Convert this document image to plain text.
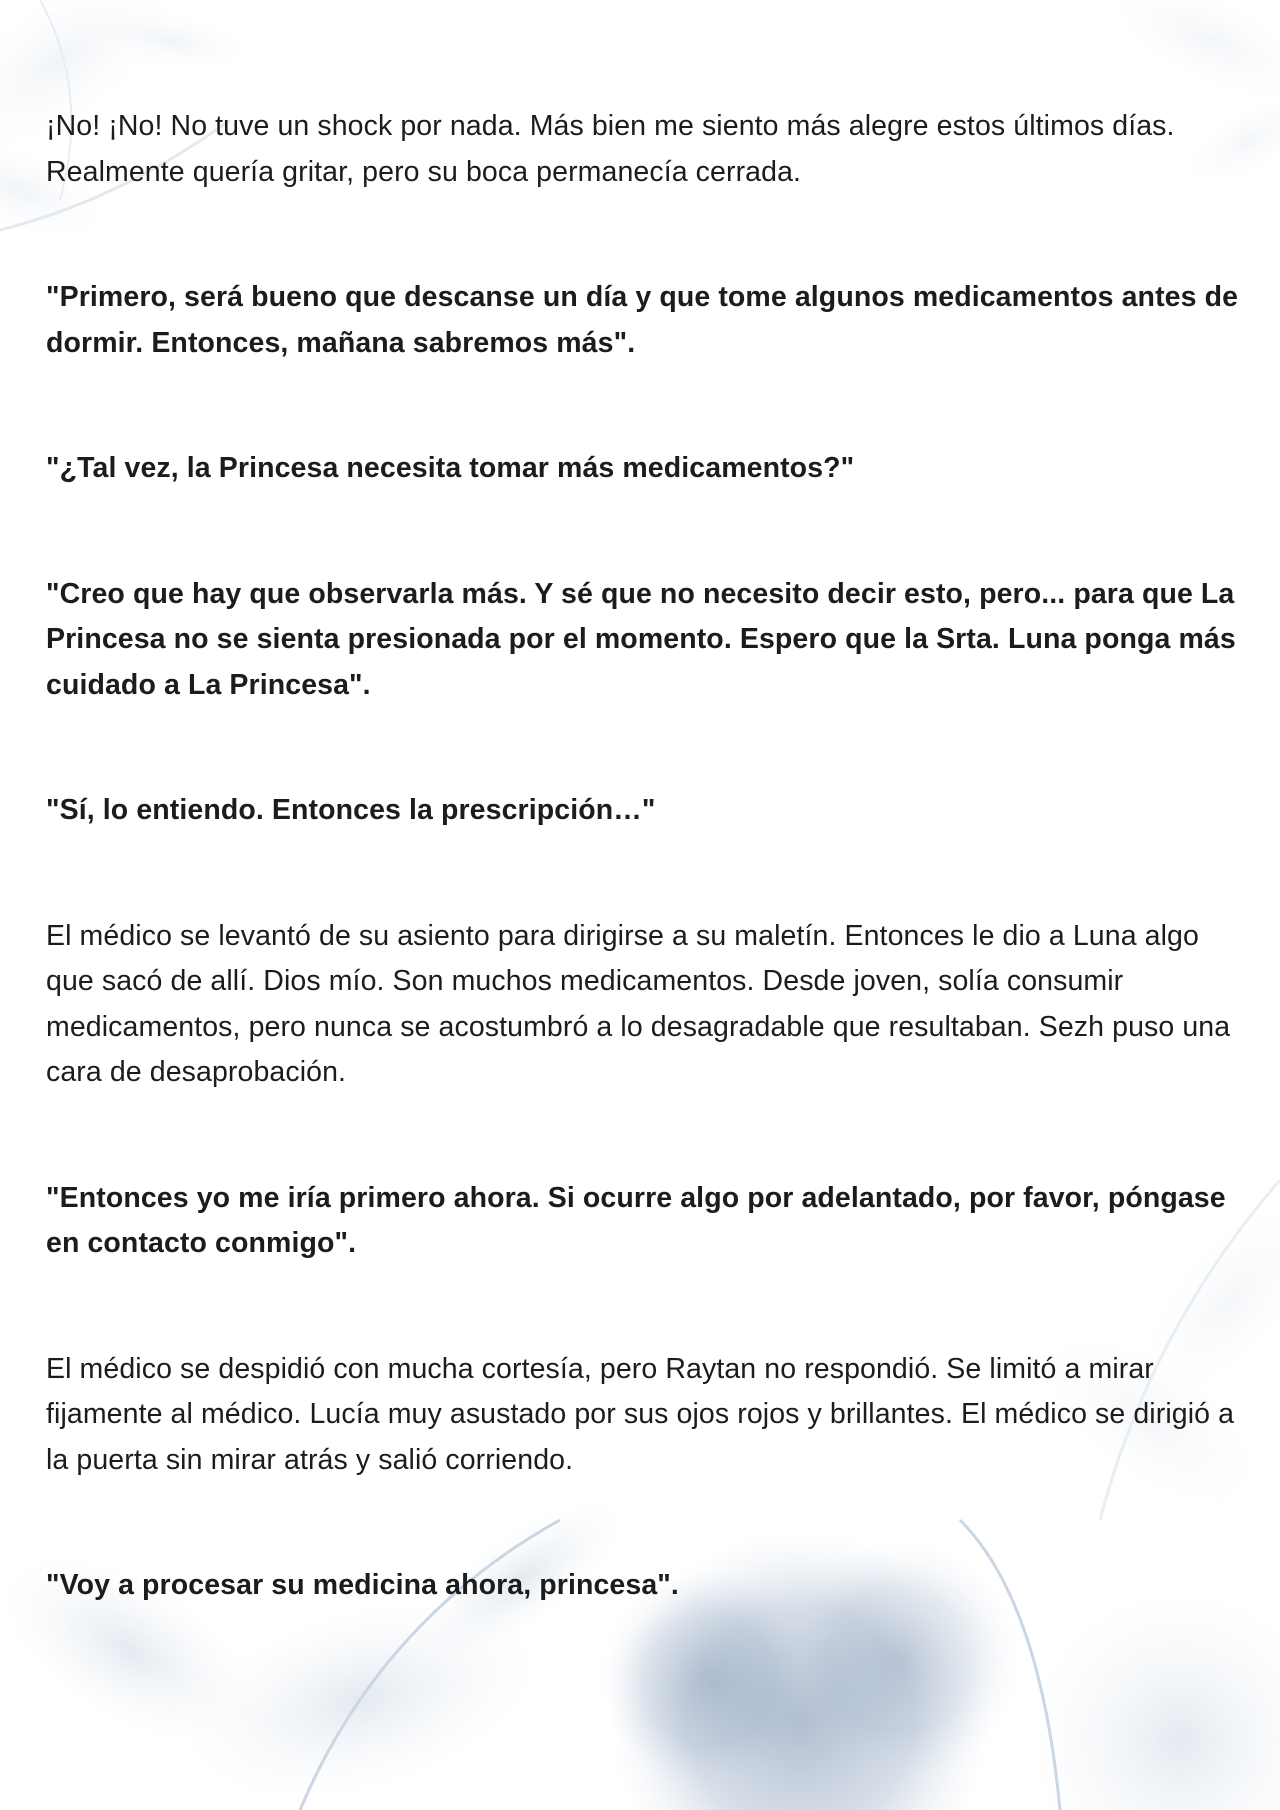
¡No! ¡No! No tuve un shock por nada. Más bien me siento más alegre estos últimos días. Realmente quería gritar, pero su boca permanecía cerrada.

"Primero, será bueno que descanse un día y que tome algunos medicamentos antes de dormir. Entonces, mañana sabremos más".

"¿Tal vez, la Princesa necesita tomar más medicamentos?"

"Creo que hay que observarla más. Y sé que no necesito decir esto, pero... para que La Princesa no se sienta presionada por el momento. Espero que la Srta. Luna ponga más cuidado a La Princesa".

"Sí, lo entiendo. Entonces la prescripción…"

El médico se levantó de su asiento para dirigirse a su maletín. Entonces le dio a Luna algo que sacó de allí. Dios mío. Son muchos medicamentos. Desde joven, solía consumir medicamentos, pero nunca se acostumbró a lo desagradable que resultaban. Sezh puso una cara de desaprobación.

"Entonces yo me iría primero ahora. Si ocurre algo por adelantado, por favor, póngase en contacto conmigo".

El médico se despidió con mucha cortesía, pero Raytan no respondió. Se limitó a mirar fijamente al médico. Lucía muy asustado por sus ojos rojos y brillantes. El médico se dirigió a la puerta sin mirar atrás y salió corriendo.

"Voy a procesar su medicina ahora, princesa".
